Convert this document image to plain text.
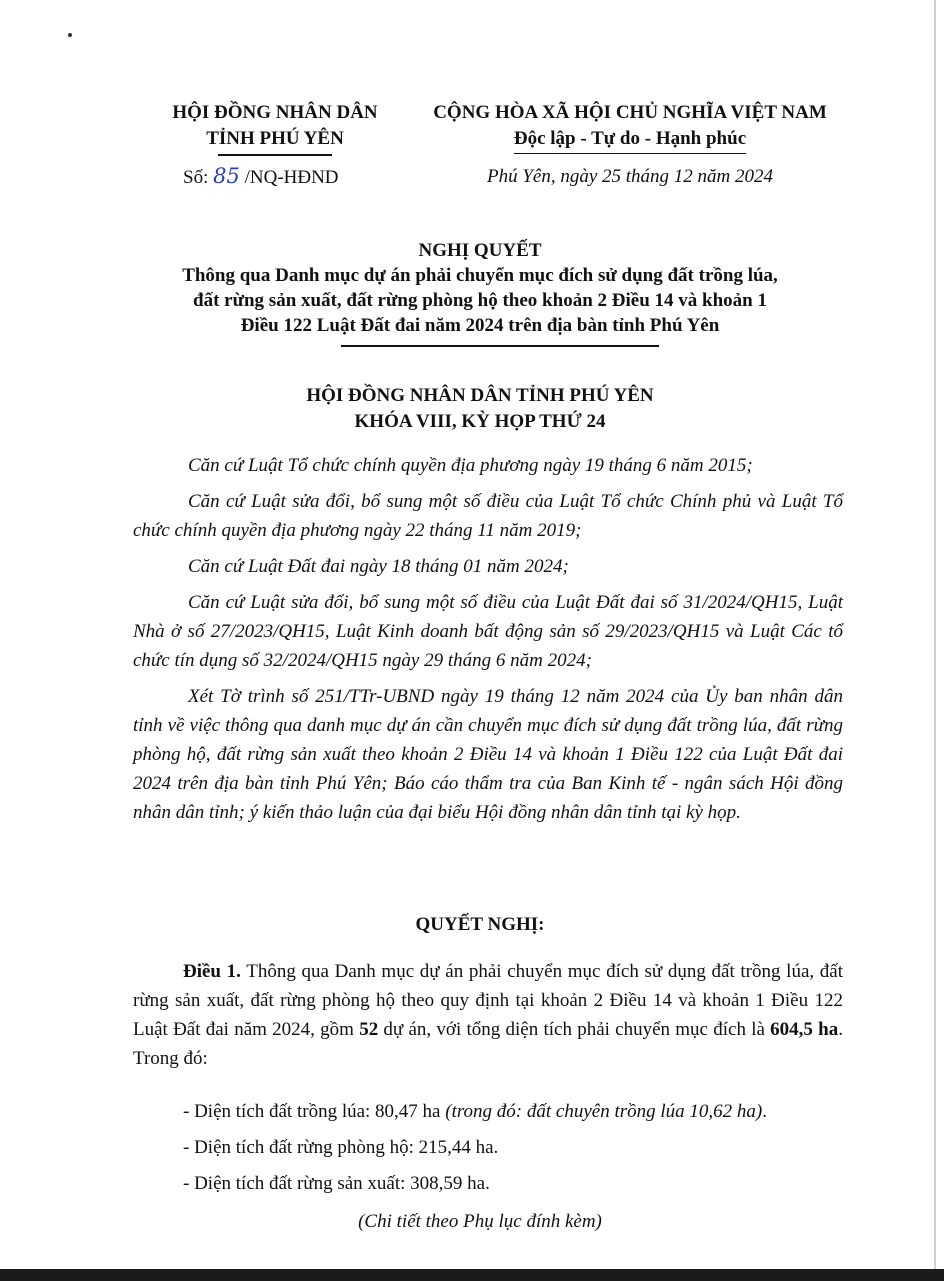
HỘI ĐỒNG NHÂN DÂN
TỈNH PHÚ YÊN
CỘNG HÒA XÃ HỘI CHỦ NGHĨA VIỆT NAM
Độc lập - Tự do - Hạnh phúc
Số: 85 /NQ-HĐND	Phú Yên, ngày 25 tháng 12 năm 2024
NGHỊ QUYẾT
Thông qua Danh mục dự án phải chuyển mục đích sử dụng đất trồng lúa,
đất rừng sản xuất, đất rừng phòng hộ theo khoản 2 Điều 14 và khoản 1
Điều 122 Luật Đất đai năm 2024 trên địa bàn tỉnh Phú Yên
HỘI ĐỒNG NHÂN DÂN TỈNH PHÚ YÊN
KHÓA VIII, KỲ HỌP THỨ 24

Căn cứ Luật Tổ chức chính quyền địa phương ngày 19 tháng 6 năm 2015;

Căn cứ Luật sửa đổi, bổ sung một số điều của Luật Tổ chức Chính phủ và Luật Tổ chức chính quyền địa phương ngày 22 tháng 11 năm 2019;

Căn cứ Luật Đất đai ngày 18 tháng 01 năm 2024;

Căn cứ Luật sửa đổi, bổ sung một số điều của Luật Đất đai số 31/2024/QH15, Luật Nhà ở số 27/2023/QH15, Luật Kinh doanh bất động sản số 29/2023/QH15 và Luật Các tổ chức tín dụng số 32/2024/QH15 ngày 29 tháng 6 năm 2024;

Xét Tờ trình số 251/TTr-UBND ngày 19 tháng 12 năm 2024 của Ủy ban nhân dân tỉnh về việc thông qua danh mục dự án cần chuyển mục đích sử dụng đất trồng lúa, đất rừng phòng hộ, đất rừng sản xuất theo khoản 2 Điều 14 và khoản 1 Điều 122 của Luật Đất đai 2024 trên địa bàn tỉnh Phú Yên; Báo cáo thẩm tra của Ban Kinh tế - ngân sách Hội đồng nhân dân tỉnh; ý kiến thảo luận của đại biểu Hội đồng nhân dân tỉnh tại kỳ họp.

QUYẾT NGHỊ:

Điều 1. Thông qua Danh mục dự án phải chuyển mục đích sử dụng đất trồng lúa, đất rừng sản xuất, đất rừng phòng hộ theo quy định tại khoản 2 Điều 14 và khoản 1 Điều 122 Luật Đất đai năm 2024, gồm 52 dự án, với tổng diện tích phải chuyển mục đích là 604,5 ha. Trong đó:

- Diện tích đất trồng lúa: 80,47 ha (trong đó: đất chuyên trồng lúa 10,62 ha).
- Diện tích đất rừng phòng hộ: 215,44 ha.
- Diện tích đất rừng sản xuất: 308,59 ha.
(Chi tiết theo Phụ lục đính kèm)
